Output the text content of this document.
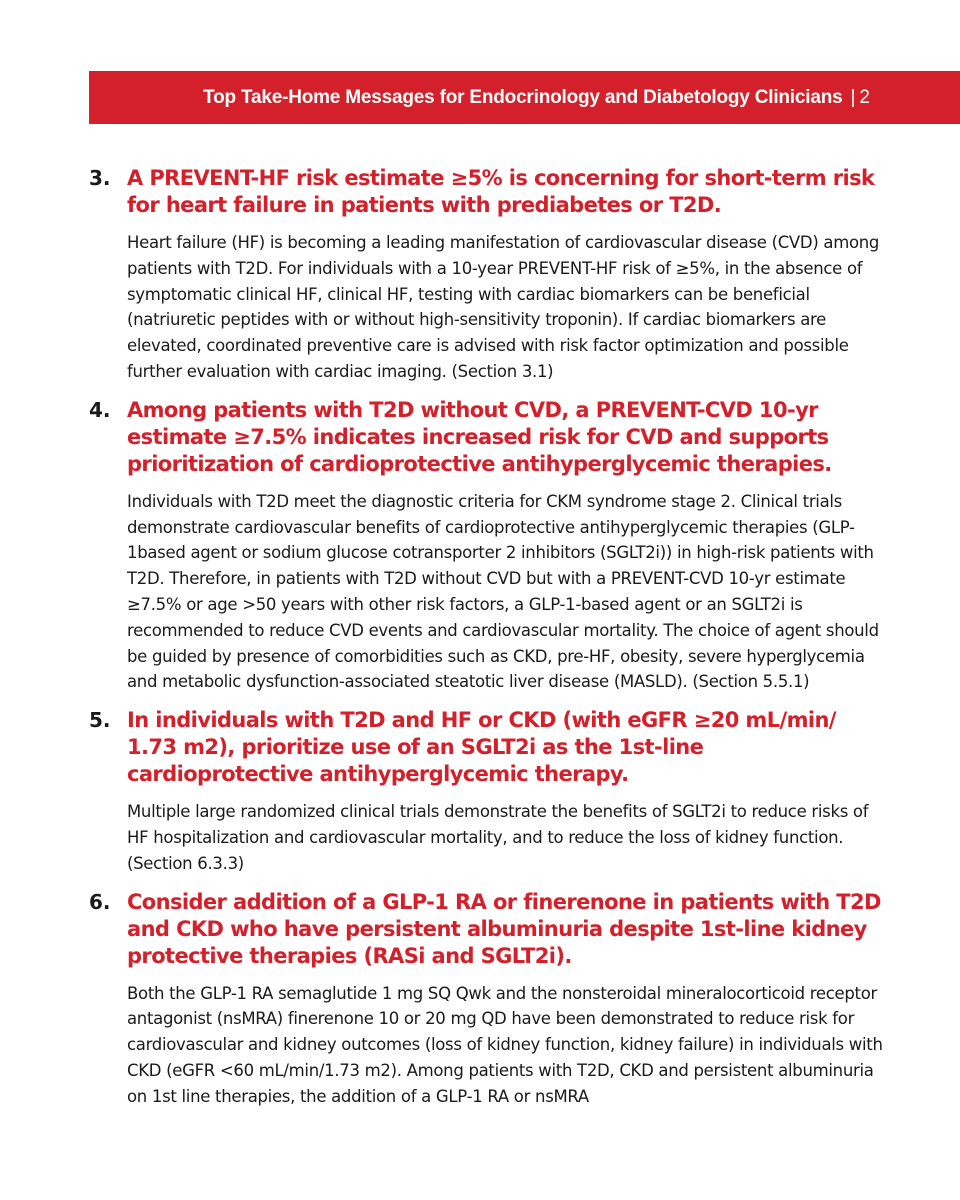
Top Take-Home Messages for Endocrinology and Diabetology Clinicians | 2
3. A PREVENT-HF risk estimate ≥5% is concerning for short-term risk for heart failure in patients with prediabetes or T2D.
Heart failure (HF) is becoming a leading manifestation of cardiovascular disease (CVD) among patients with T2D. For individuals with a 10-year PREVENT-HF risk of ≥5%, in the absence of symptomatic clinical HF, clinical HF, testing with cardiac biomarkers can be beneficial (natriuretic peptides with or without high-sensitivity troponin). If cardiac biomarkers are elevated, coordinated preventive care is advised with risk factor optimization and possible further evaluation with cardiac imaging. (Section 3.1)
4. Among patients with T2D without CVD, a PREVENT-CVD 10-yr estimate ≥7.5% indicates increased risk for CVD and supports prioritization of cardioprotective antihyperglycemic therapies.
Individuals with T2D meet the diagnostic criteria for CKM syndrome stage 2. Clinical trials demonstrate cardiovascular benefits of cardioprotective antihyperglycemic therapies (GLP-1based agent or sodium glucose cotransporter 2 inhibitors (SGLT2i)) in high-risk patients with T2D. Therefore, in patients with T2D without CVD but with a PREVENT-CVD 10-yr estimate ≥7.5% or age >50 years with other risk factors, a GLP-1-based agent or an SGLT2i is recommended to reduce CVD events and cardiovascular mortality. The choice of agent should be guided by presence of comorbidities such as CKD, pre-HF, obesity, severe hyperglycemia and metabolic dysfunction-associated steatotic liver disease (MASLD). (Section 5.5.1)
5. In individuals with T2D and HF or CKD (with eGFR ≥20 mL/min/ 1.73 m2), prioritize use of an SGLT2i as the 1st-line cardioprotective antihyperglycemic therapy.
Multiple large randomized clinical trials demonstrate the benefits of SGLT2i to reduce risks of HF hospitalization and cardiovascular mortality, and to reduce the loss of kidney function. (Section 6.3.3)
6. Consider addition of a GLP-1 RA or finerenone in patients with T2D and CKD who have persistent albuminuria despite 1st-line kidney protective therapies (RASi and SGLT2i).
Both the GLP-1 RA semaglutide 1 mg SQ Qwk and the nonsteroidal mineralocorticoid receptor antagonist (nsMRA) finerenone 10 or 20 mg QD have been demonstrated to reduce risk for cardiovascular and kidney outcomes (loss of kidney function, kidney failure) in individuals with CKD (eGFR <60 mL/min/1.73 m2). Among patients with T2D, CKD and persistent albuminuria on 1st line therapies, the addition of a GLP-1 RA or nsMRA
